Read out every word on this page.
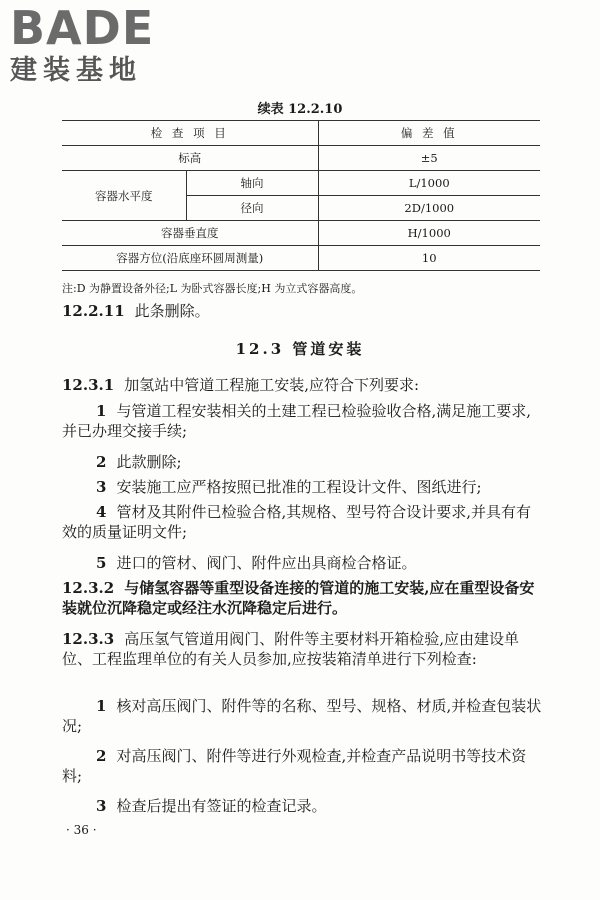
BADE
建装基地
续表 12.2.10
检 查 项 目		偏 差 值
标高		±5
容器水平度	轴向	L/1000
	径向	2D/1000
容器垂直度		H/1000
容器方位(沿底座环圆周测量)		10
注:D 为静置设备外径;L 为卧式容器长度;H 为立式容器高度。
12.2.11 此条删除。
12.3 管道安装
12.3.1 加氢站中管道工程施工安装,应符合下列要求:
1 与管道工程安装相关的土建工程已检验验收合格,满足施工要求,并已办理交接手续;
2 此款删除;
3 安装施工应严格按照已批准的工程设计文件、图纸进行;
4 管材及其附件已检验合格,其规格、型号符合设计要求,并具有有效的质量证明文件;
5 进口的管材、阀门、附件应出具商检合格证。
12.3.2 与储氢容器等重型设备连接的管道的施工安装,应在重型设备安装就位沉降稳定或经注水沉降稳定后进行。
12.3.3 高压氢气管道用阀门、附件等主要材料开箱检验,应由建设单位、工程监理单位的有关人员参加,应按装箱清单进行下列检查:
1 核对高压阀门、附件等的名称、型号、规格、材质,并检查包装状况;
2 对高压阀门、附件等进行外观检查,并检查产品说明书等技术资料;
3 检查后提出有签证的检查记录。
· 36 ·
